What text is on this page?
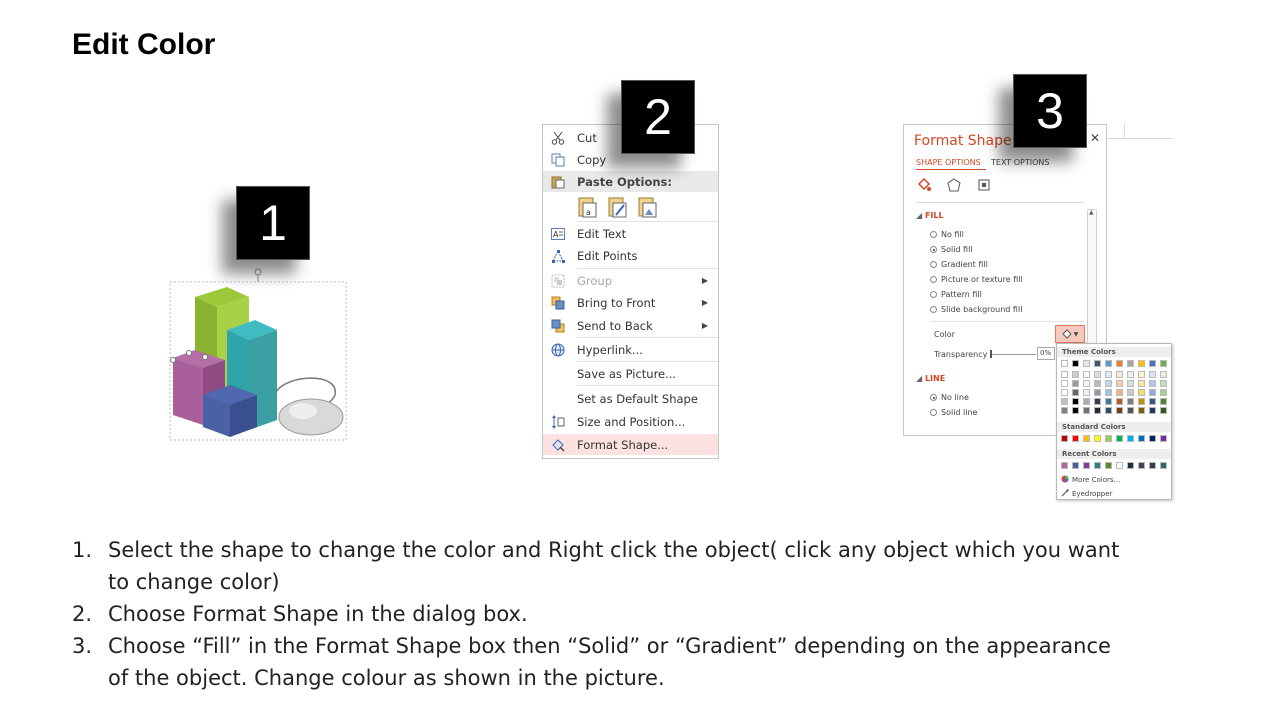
Edit Color
1
Cut
Copy
Paste Options:
a
A	Edit Text
Edit Points
Group	▶
Bring to Front	▶
Send to Back	▶
Hyperlink...
Save as Picture...
Set as Default Shape
Size and Position...
Format Shape...
2	Format Shape	✕
SHAPE OPTIONS TEXT OPTIONS
▲
◢ FILL
No fill
Solid fill
Gradient fill
Picture or texture fill
Pattern fill
Slide background fill
Color	▼
Transparency	0%
◢ LINE
No line
Solid line
3
Theme Colors
Standard Colors
Recent Colors
More Colors...
Eyedropper
1. Select the shape to change the color and Right click the object( click any object which you want to change color)
2. Choose Format Shape in the dialog box.
3. Choose “Fill” in the Format Shape box then “Solid” or “Gradient” depending on the appearance of the object. Change colour as shown in the picture.
